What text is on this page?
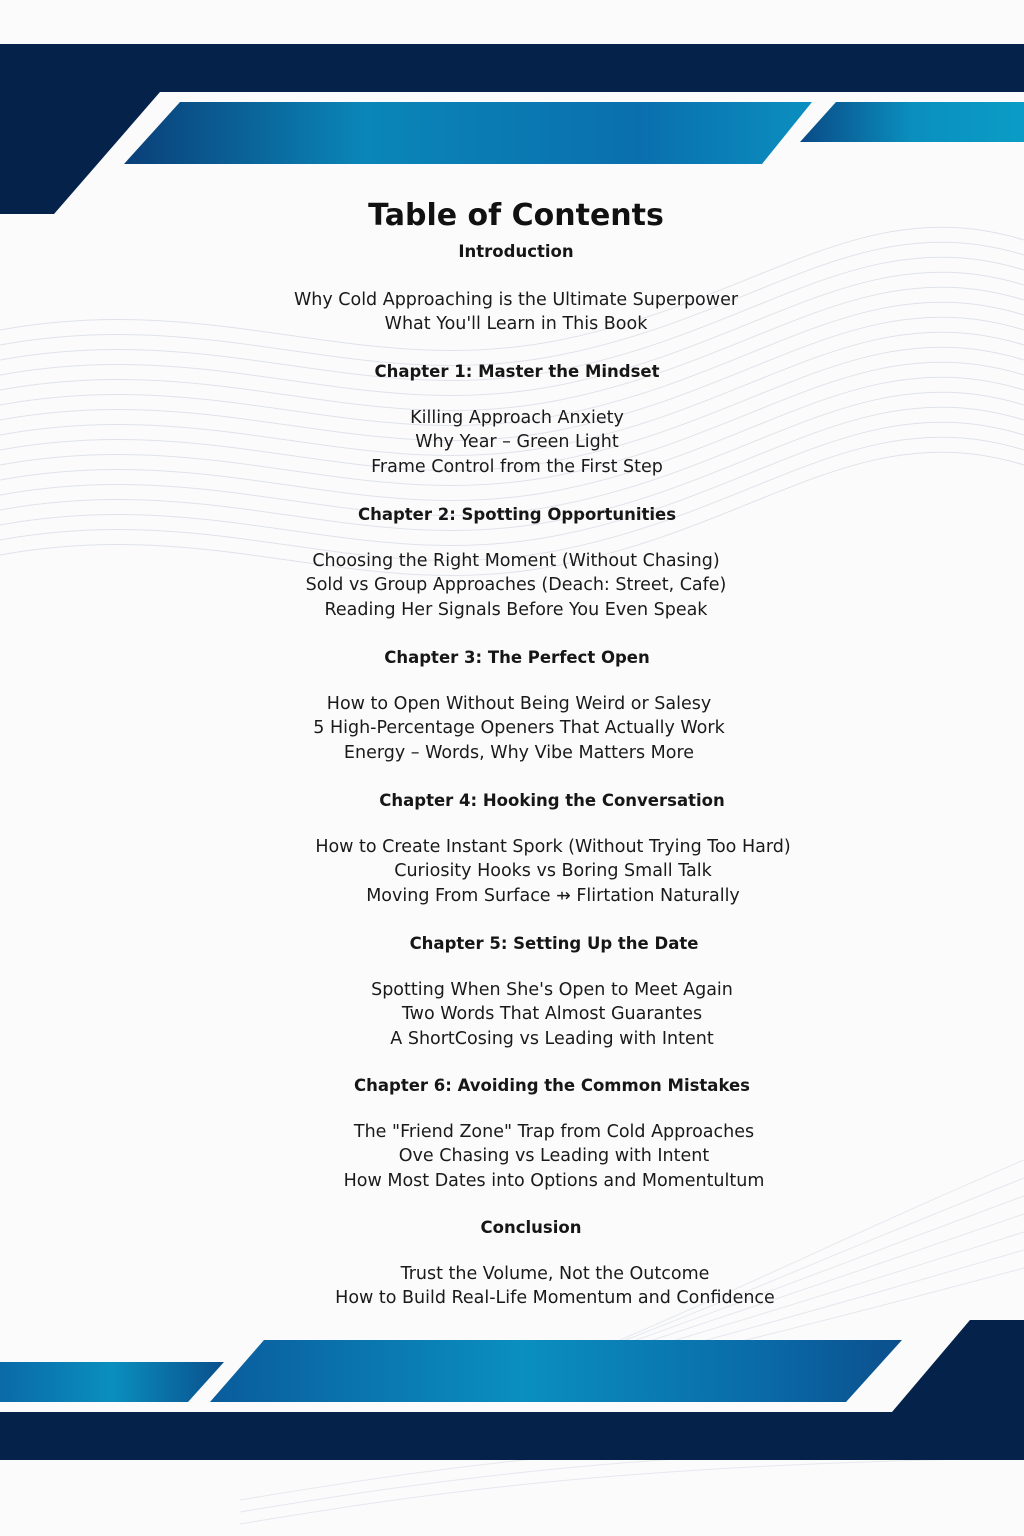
Table of Contents
Introduction
Why Cold Approaching is the Ultimate Superpower
What You'll Learn in This Book
Chapter 1: Master the Mindset
Killing Approach Anxiety
Why Year – Green Light
Frame Control from the First Step
Chapter 2: Spotting Opportunities
Choosing the Right Moment (Without Chasing)
Sold vs Group Approaches (Deach: Street, Cafe)
Reading Her Signals Before You Even Speak
Chapter 3: The Perfect Open
How to Open Without Being Weird or Salesy
5 High-Percentage Openers That Actually Work
Energy – Words, Why Vibe Matters More
Chapter 4: Hooking the Conversation
How to Create Instant Spork (Without Trying Too Hard)
Curiosity Hooks vs Boring Small Talk
Moving From Surface ⇸ Flirtation Naturally
Chapter 5: Setting Up the Date
Spotting When She's Open to Meet Again
Two Words That Almost Guarantes
A ShortCosing vs Leading with Intent
Chapter 6: Avoiding the Common Mistakes
The "Friend Zone" Trap from Cold Approaches
Ove Chasing vs Leading with Intent
How Most Dates into Options and Momentultum
Conclusion
Trust the Volume, Not the Outcome
How to Build Real-Life Momentum and Confidence
